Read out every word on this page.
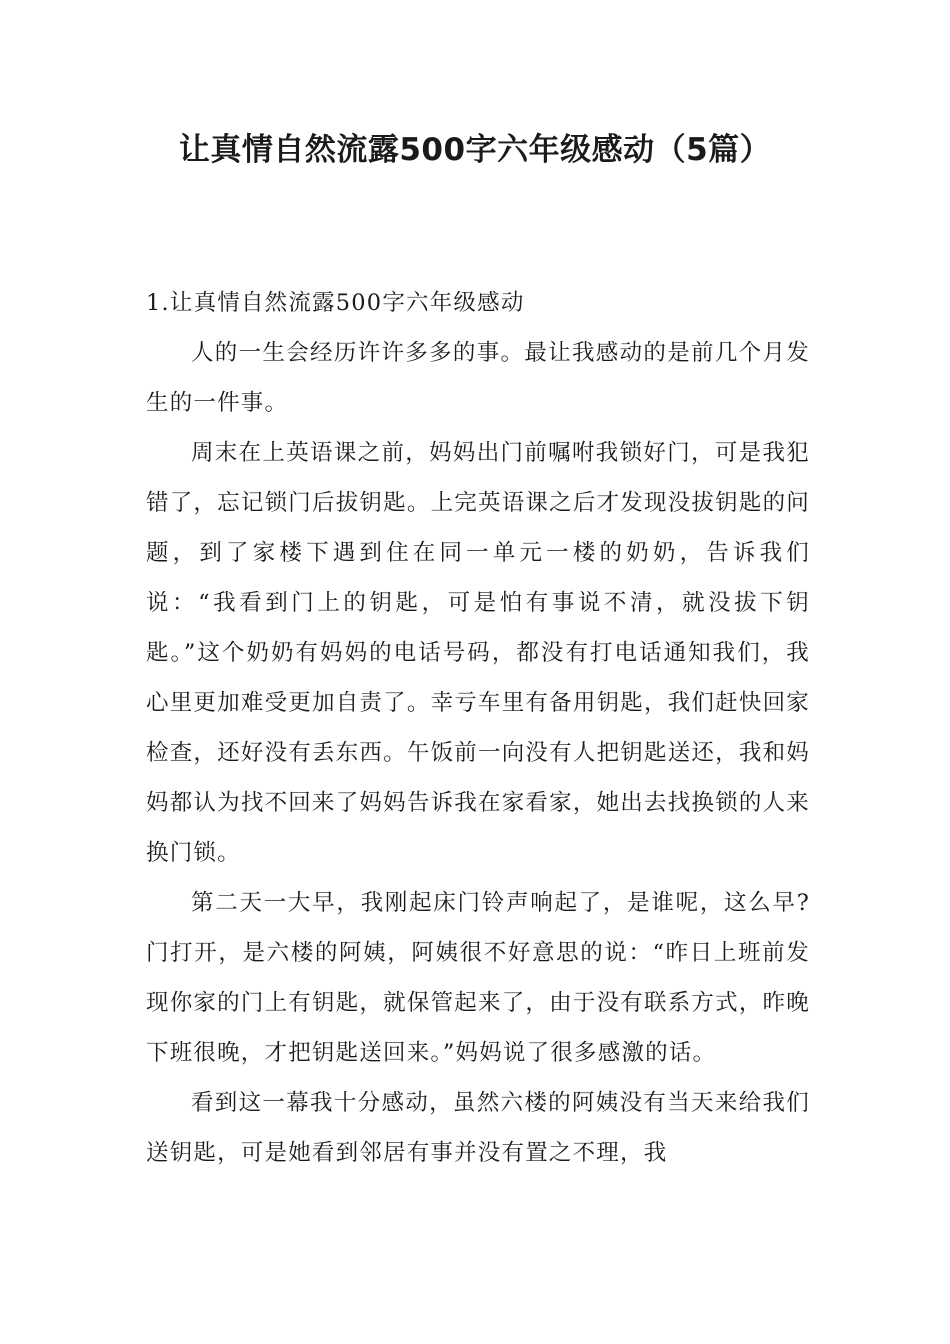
让真情自然流露500字六年级感动（5篇）

1.让真情自然流露500字六年级感动

人的一生会经历许许多多的事。最让我感动的是前几个月发生的一件事。

周末在上英语课之前，妈妈出门前嘱咐我锁好门，可是我犯错了，忘记锁门后拔钥匙。上完英语课之后才发现没拔钥匙的问题，到了家楼下遇到住在同一单元一楼的奶奶，告诉我们说：“我看到门上的钥匙，可是怕有事说不清，就没拔下钥匙。”这个奶奶有妈妈的电话号码，都没有打电话通知我们，我心里更加难受更加自责了。幸亏车里有备用钥匙，我们赶快回家检查，还好没有丢东西。午饭前一向没有人把钥匙送还，我和妈妈都认为找不回来了妈妈告诉我在家看家，她出去找换锁的人来换门锁。

第二天一大早，我刚起床门铃声响起了，是谁呢，这么早?门打开，是六楼的阿姨，阿姨很不好意思的说：“昨日上班前发现你家的门上有钥匙，就保管起来了，由于没有联系方式，昨晚下班很晚，才把钥匙送回来。”妈妈说了很多感激的话。

看到这一幕我十分感动，虽然六楼的阿姨没有当天来给我们送钥匙，可是她看到邻居有事并没有置之不理，我
